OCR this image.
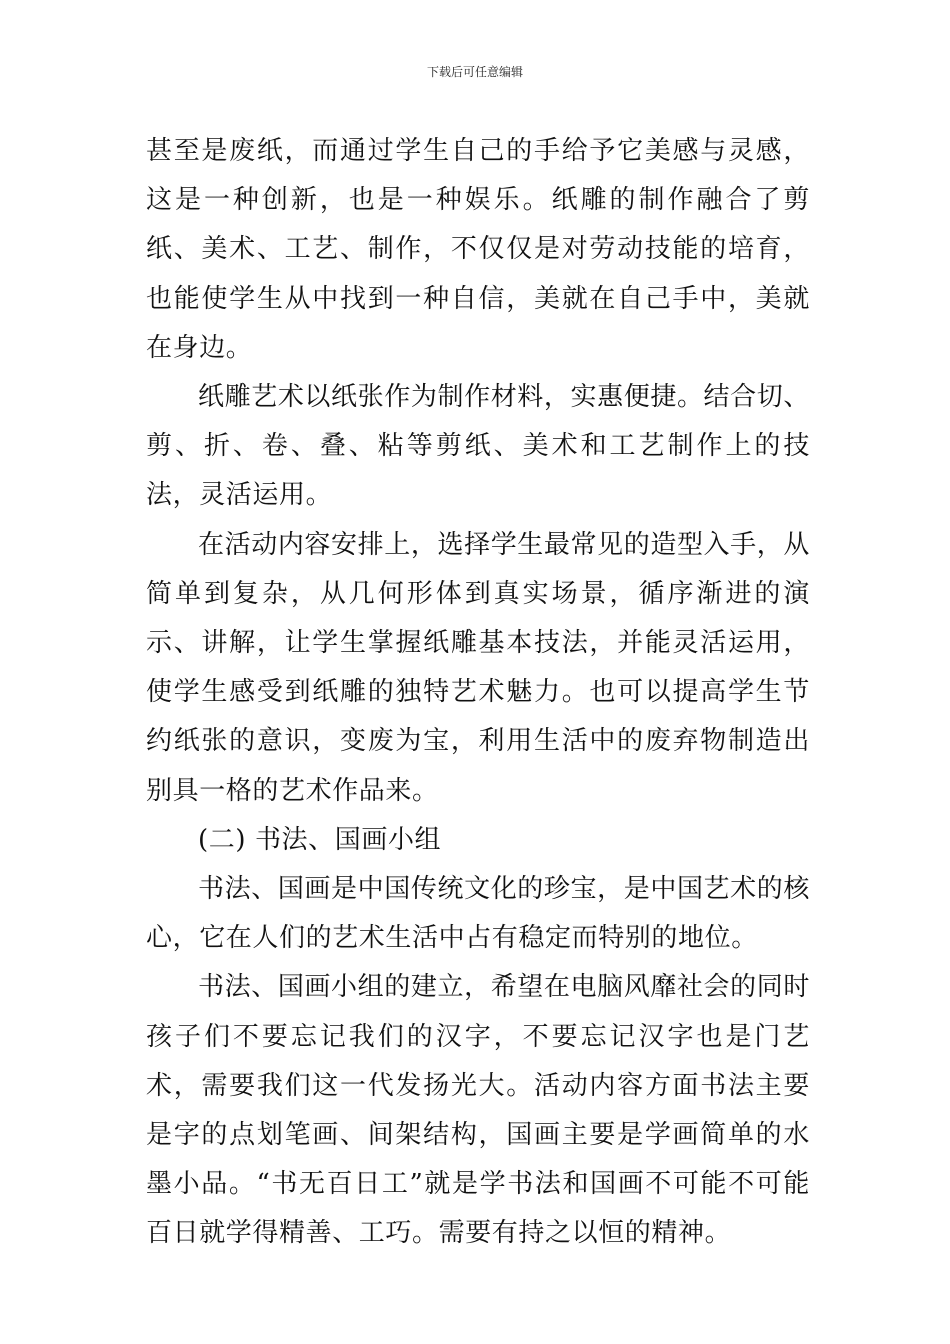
下载后可任意编辑

甚至是废纸，而通过学生自己的手给予它美感与灵感，这是一种创新，也是一种娱乐。纸雕的制作融合了剪纸、美术、工艺、制作，不仅仅是对劳动技能的培育，也能使学生从中找到一种自信，美就在自己手中，美就在身边。

纸雕艺术以纸张作为制作材料，实惠便捷。结合切、剪、折、卷、叠、粘等剪纸、美术和工艺制作上的技法，灵活运用。

在活动内容安排上，选择学生最常见的造型入手，从简单到复杂，从几何形体到真实场景，循序渐进的演示、讲解，让学生掌握纸雕基本技法，并能灵活运用，使学生感受到纸雕的独特艺术魅力。也可以提高学生节约纸张的意识，变废为宝，利用生活中的废弃物制造出别具一格的艺术作品来。

(二) 书法、国画小组

书法、国画是中国传统文化的珍宝，是中国艺术的核心，它在人们的艺术生活中占有稳定而特别的地位。

书法、国画小组的建立，希望在电脑风靡社会的同时孩子们不要忘记我们的汉字，不要忘记汉字也是门艺术，需要我们这一代发扬光大。活动内容方面书法主要是字的点划笔画、间架结构，国画主要是学画简单的水墨小品。“书无百日工”就是学书法和国画不可能不可能百日就学得精善、工巧。需要有持之以恒的精神。
